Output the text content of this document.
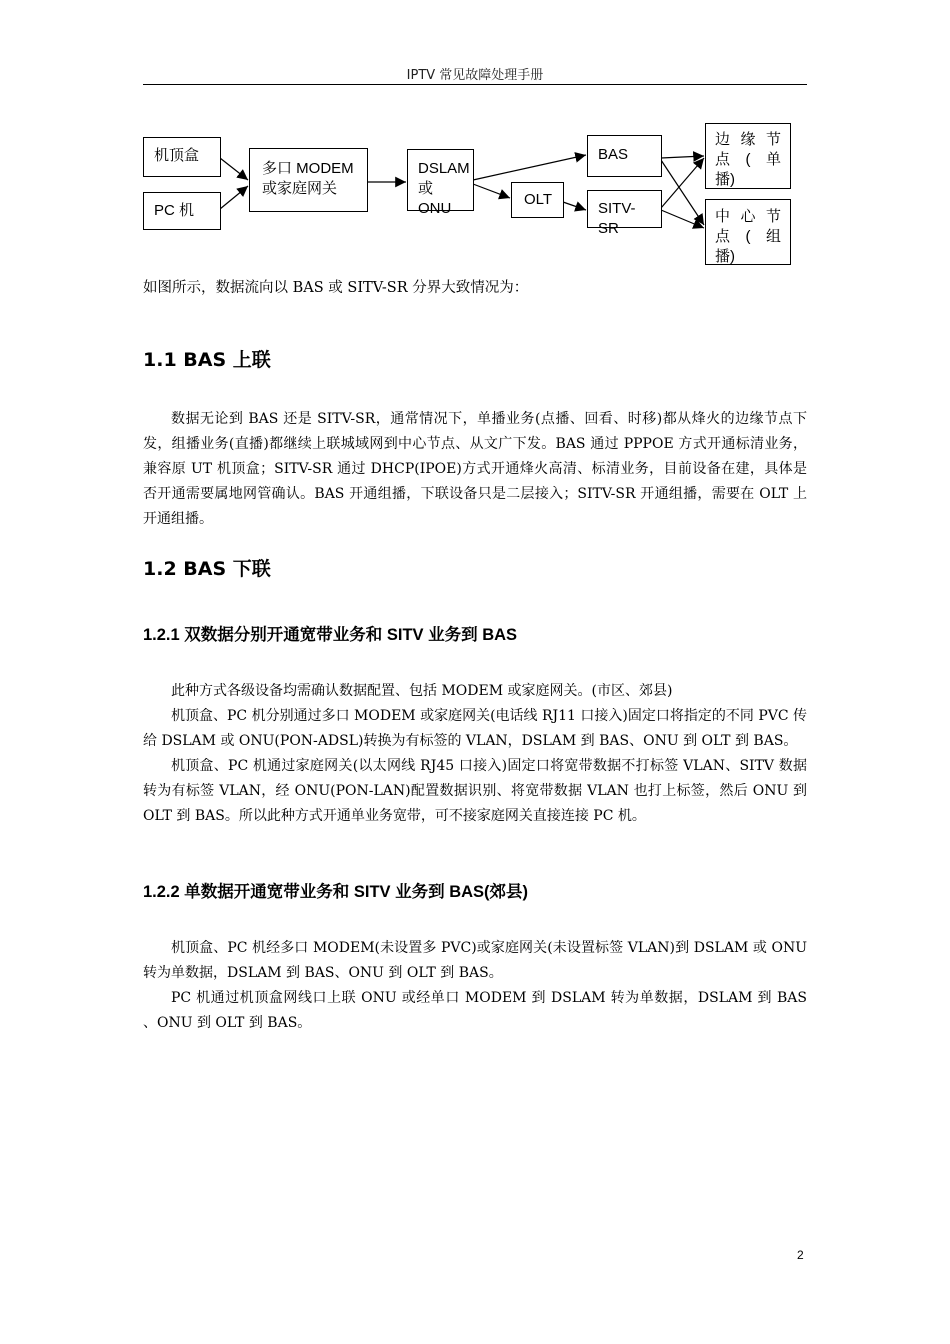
IPTV 常见故障处理手册
机顶盒
PC 机
多口 MODEM
或家庭网关
DSLAM
或 ONU
OLT
BAS
SITV-SR
边 缘 节
点 ( 单
播)
中 心 节
点 ( 组
播)
如图所示，数据流向以 BAS 或 SITV-SR 分界大致情况为：
1.1 BAS 上联

数据无论到 BAS 还是 SITV-SR，通常情况下，单播业务(点播、回看、时移)都从烽火的边缘节点下发，组播业务(直播)都继续上联城域网到中心节点、从文广下发。BAS 通过 PPPOE 方式开通标清业务，兼容原 UT 机顶盒；SITV-SR 通过 DHCP(IPOE)方式开通烽火高清、标清业务，目前设备在建，具体是否开通需要属地网管确认。BAS 开通组播，下联设备只是二层接入；SITV-SR 开通组播，需要在 OLT 上开通组播。

1.2 BAS 下联
1.2.1 双数据分别开通宽带业务和 SITV 业务到 BAS

此种方式各级设备均需确认数据配置、包括 MODEM 或家庭网关。(市区、郊县)

机顶盒、PC 机分别通过多口 MODEM 或家庭网关(电话线 RJ11 口接入)固定口将指定的不同 PVC 传给 DSLAM 或 ONU(PON-ADSL)转换为有标签的 VLAN，DSLAM 到 BAS、ONU 到 OLT 到 BAS。

机顶盒、PC 机通过家庭网关(以太网线 RJ45 口接入)固定口将宽带数据不打标签 VLAN、SITV 数据转为有标签 VLAN，经 ONU(PON-LAN)配置数据识别、将宽带数据 VLAN 也打上标签，然后 ONU 到 OLT 到 BAS。所以此种方式开通单业务宽带，可不接家庭网关直接连接 PC 机。

1.2.2 单数据开通宽带业务和 SITV 业务到 BAS(郊县)

机顶盒、PC 机经多口 MODEM(未设置多 PVC)或家庭网关(未设置标签 VLAN)到 DSLAM 或 ONU 转为单数据，DSLAM 到 BAS、ONU 到 OLT 到 BAS。

PC 机通过机顶盒网线口上联 ONU 或经单口 MODEM 到 DSLAM 转为单数据，DSLAM 到 BAS 、ONU 到 OLT 到 BAS。

2
